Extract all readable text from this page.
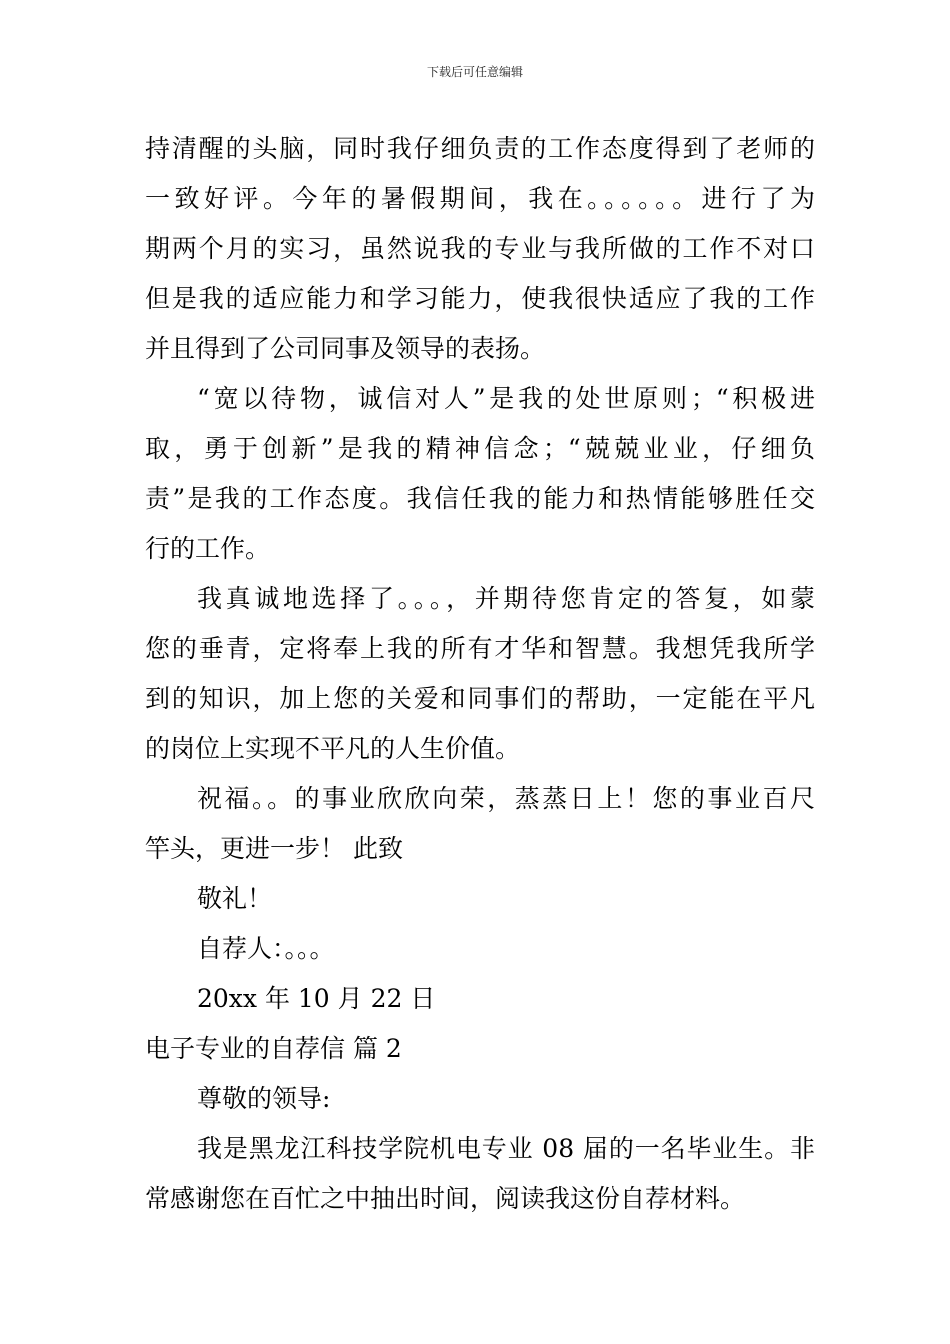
下载后可任意编辑
持清醒的头脑，同时我仔细负责的工作态度得到了老师的
一致好评。今年的暑假期间，我在。。。。。。进行了为
期两个月的实习，虽然说我的专业与我所做的工作不对口
但是我的适应能力和学习能力，使我很快适应了我的工作
并且得到了公司同事及领导的表扬。
“宽以待物，诚信对人”是我的处世原则；“积极进
取，勇于创新”是我的精神信念；“兢兢业业，仔细负
责”是我的工作态度。我信任我的能力和热情能够胜任交
行的工作。
我真诚地选择了。。。，并期待您肯定的答复，如蒙
您的垂青，定将奉上我的所有才华和智慧。我想凭我所学
到的知识，加上您的关爱和同事们的帮助，一定能在平凡
的岗位上实现不平凡的人生价值。
祝福。。的事业欣欣向荣，蒸蒸日上！您的事业百尺
竿头，更进一步！ 此致
敬礼！
自荐人：。。。
20xx 年 10 月 22 日
电子专业的自荐信 篇 2
尊敬的领导:
我是黑龙江科技学院机电专业 08 届的一名毕业生。非
常感谢您在百忙之中抽出时间，阅读我这份自荐材料。
